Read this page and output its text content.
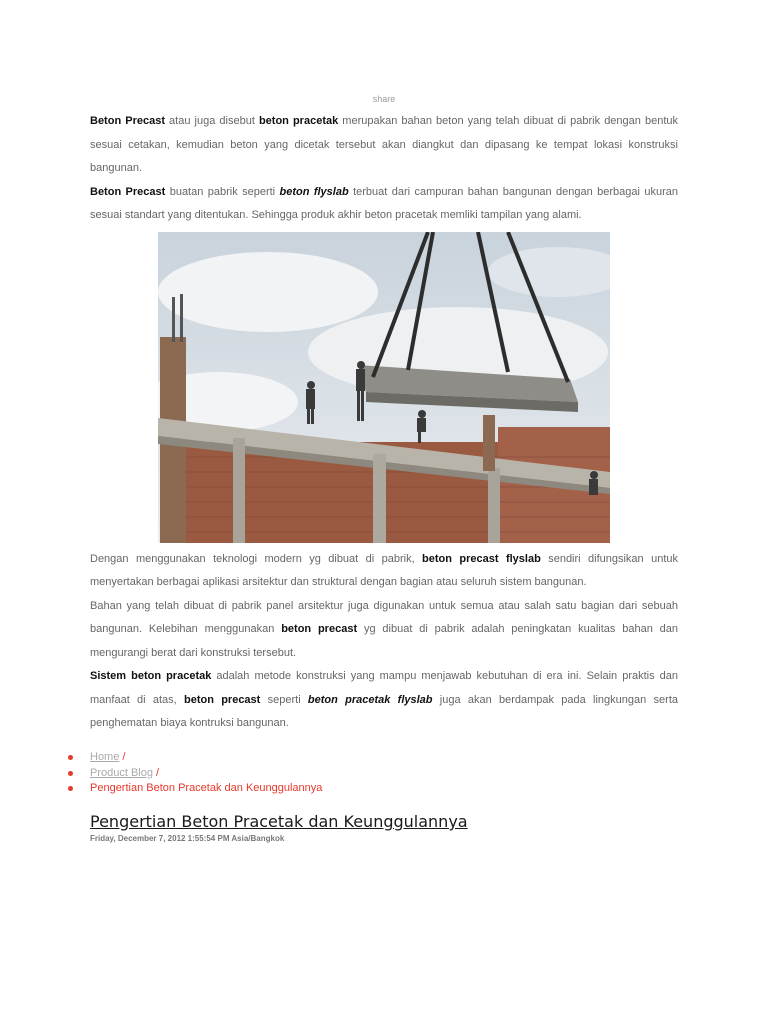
share

Beton Precast atau juga disebut beton pracetak merupakan bahan beton yang telah dibuat di pabrik dengan bentuk sesuai cetakan, kemudian beton yang dicetak tersebut akan diangkut dan dipasang ke tempat lokasi konstruksi bangunan.

Beton Precast buatan pabrik seperti beton flyslab terbuat dari campuran bahan bangunan dengan berbagai ukuran sesuai standart yang ditentukan. Sehingga produk akhir beton pracetak memliki tampilan yang alami.

Dengan menggunakan teknologi modern yg dibuat di pabrik, beton precast flyslab sendiri difungsikan untuk menyertakan berbagai aplikasi arsitektur dan struktural dengan bagian atau seluruh sistem bangunan.

Bahan yang telah dibuat di pabrik panel arsitektur juga digunakan untuk semua atau salah satu bagian dari sebuah bangunan. Kelebihan menggunakan beton precast yg dibuat di pabrik adalah peningkatan kualitas bahan dan mengurangi berat dari konstruksi tersebut.

Sistem beton pracetak adalah metode konstruksi yang mampu menjawab kebutuhan di era ini. Selain praktis dan manfaat di atas, beton precast seperti beton pracetak flyslab juga akan berdampak pada lingkungan serta penghematan biaya kontruksi bangunan.

Home /
Product Blog /
Pengertian Beton Pracetak dan Keunggulannya
Pengertian Beton Pracetak dan Keunggulannya
Friday, December 7, 2012 1:55:54 PM Asia/Bangkok
